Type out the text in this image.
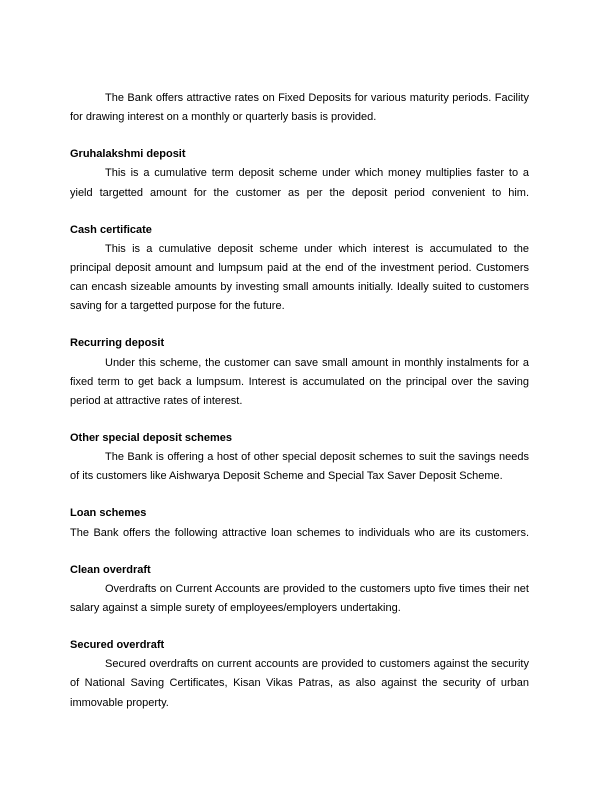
The Bank offers attractive rates on Fixed Deposits for various maturity periods. Facility for drawing interest on a monthly or quarterly basis is provided.

Gruhalakshmi deposit

This is a cumulative term deposit scheme under which money multiplies faster to a yield targetted amount for the customer as per the deposit period convenient to him.

Cash certificate

This is a cumulative deposit scheme under which interest is accumulated to the principal deposit amount and lumpsum paid at the end of the investment period. Customers can encash sizeable amounts by investing small amounts initially. Ideally suited to customers saving for a targetted purpose for the future.

Recurring deposit

Under this scheme, the customer can save small amount in monthly instalments for a fixed term to get back a lumpsum. Interest is accumulated on the principal over the saving period at attractive rates of interest.

Other special deposit schemes

The Bank is offering a host of other special deposit schemes to suit the savings needs of its customers like Aishwarya Deposit Scheme and Special Tax Saver Deposit Scheme.

Loan schemes

The Bank offers the following attractive loan schemes to individuals who are its customers.

Clean overdraft

Overdrafts on Current Accounts are provided to the customers upto five times their net salary against a simple surety of employees/employers undertaking.

Secured overdraft

Secured overdrafts on current accounts are provided to customers against the security of National Saving Certificates, Kisan Vikas Patras, as also against the security of urban immovable property.
